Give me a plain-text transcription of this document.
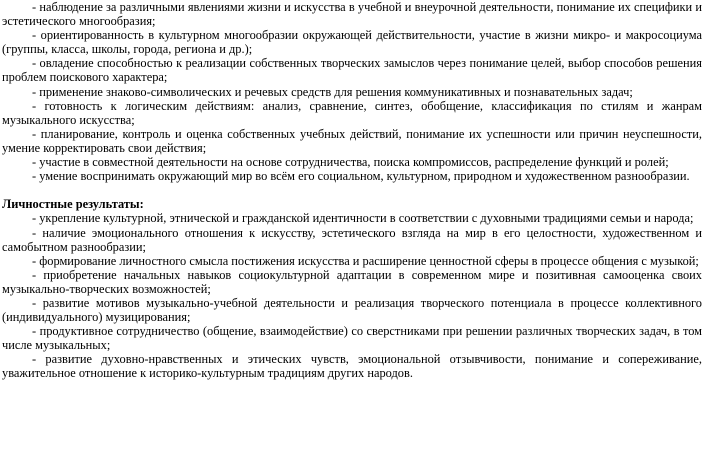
- наблюдение за различными явлениями жизни и искусства в учебной и внеурочной деятельности, понимание их специфики и эстетического многообразия;
- ориентированность в культурном многообразии окружающей действительности, участие в жизни микро- и макросоциума (группы, класса, школы, города, региона и др.);
- овладение способностью к реализации собственных творческих замыслов через понимание целей, выбор способов решения проблем поискового характера;
- применение знаково-символических и речевых средств для решения коммуникативных и познавательных задач;
- готовность к логическим действиям: анализ, сравнение, синтез, обобщение, классификация по стилям и жанрам музыкального искусства;
- планирование, контроль и оценка собственных учебных действий, понимание их успешности или причин неуспешности, умение корректировать свои действия;
- участие в совместной деятельности на основе сотрудничества, поиска компромиссов, распределение функций и ролей;
- умение воспринимать окружающий мир во всём его социальном, культурном, природном и художественном разнообразии.

Личностные результаты:

- укрепление культурной, этнической и гражданской идентичности в соответствии с духовными традициями семьи и народа;
- наличие эмоционального отношения к искусству, эстетического взгляда на мир в его целостности, художественном и самобытном разнообразии;
- формирование личностного смысла постижения искусства и расширение ценностной сферы в процессе общения с музыкой;
- приобретение начальных навыков социокультурной адаптации в современном мире и позитивная самооценка своих музыкально-творческих возможностей;
- развитие мотивов музыкально-учебной деятельности и реализация творческого потенциала в процессе коллективного (индивидуального) музицирования;
- продуктивное сотрудничество (общение, взаимодействие) со сверстниками при решении различных творческих задач, в том числе музыкальных;
- развитие духовно-нравственных и этических чувств, эмоциональной отзывчивости, понимание и сопереживание, уважительное отношение к историко-культурным традициям других народов.
